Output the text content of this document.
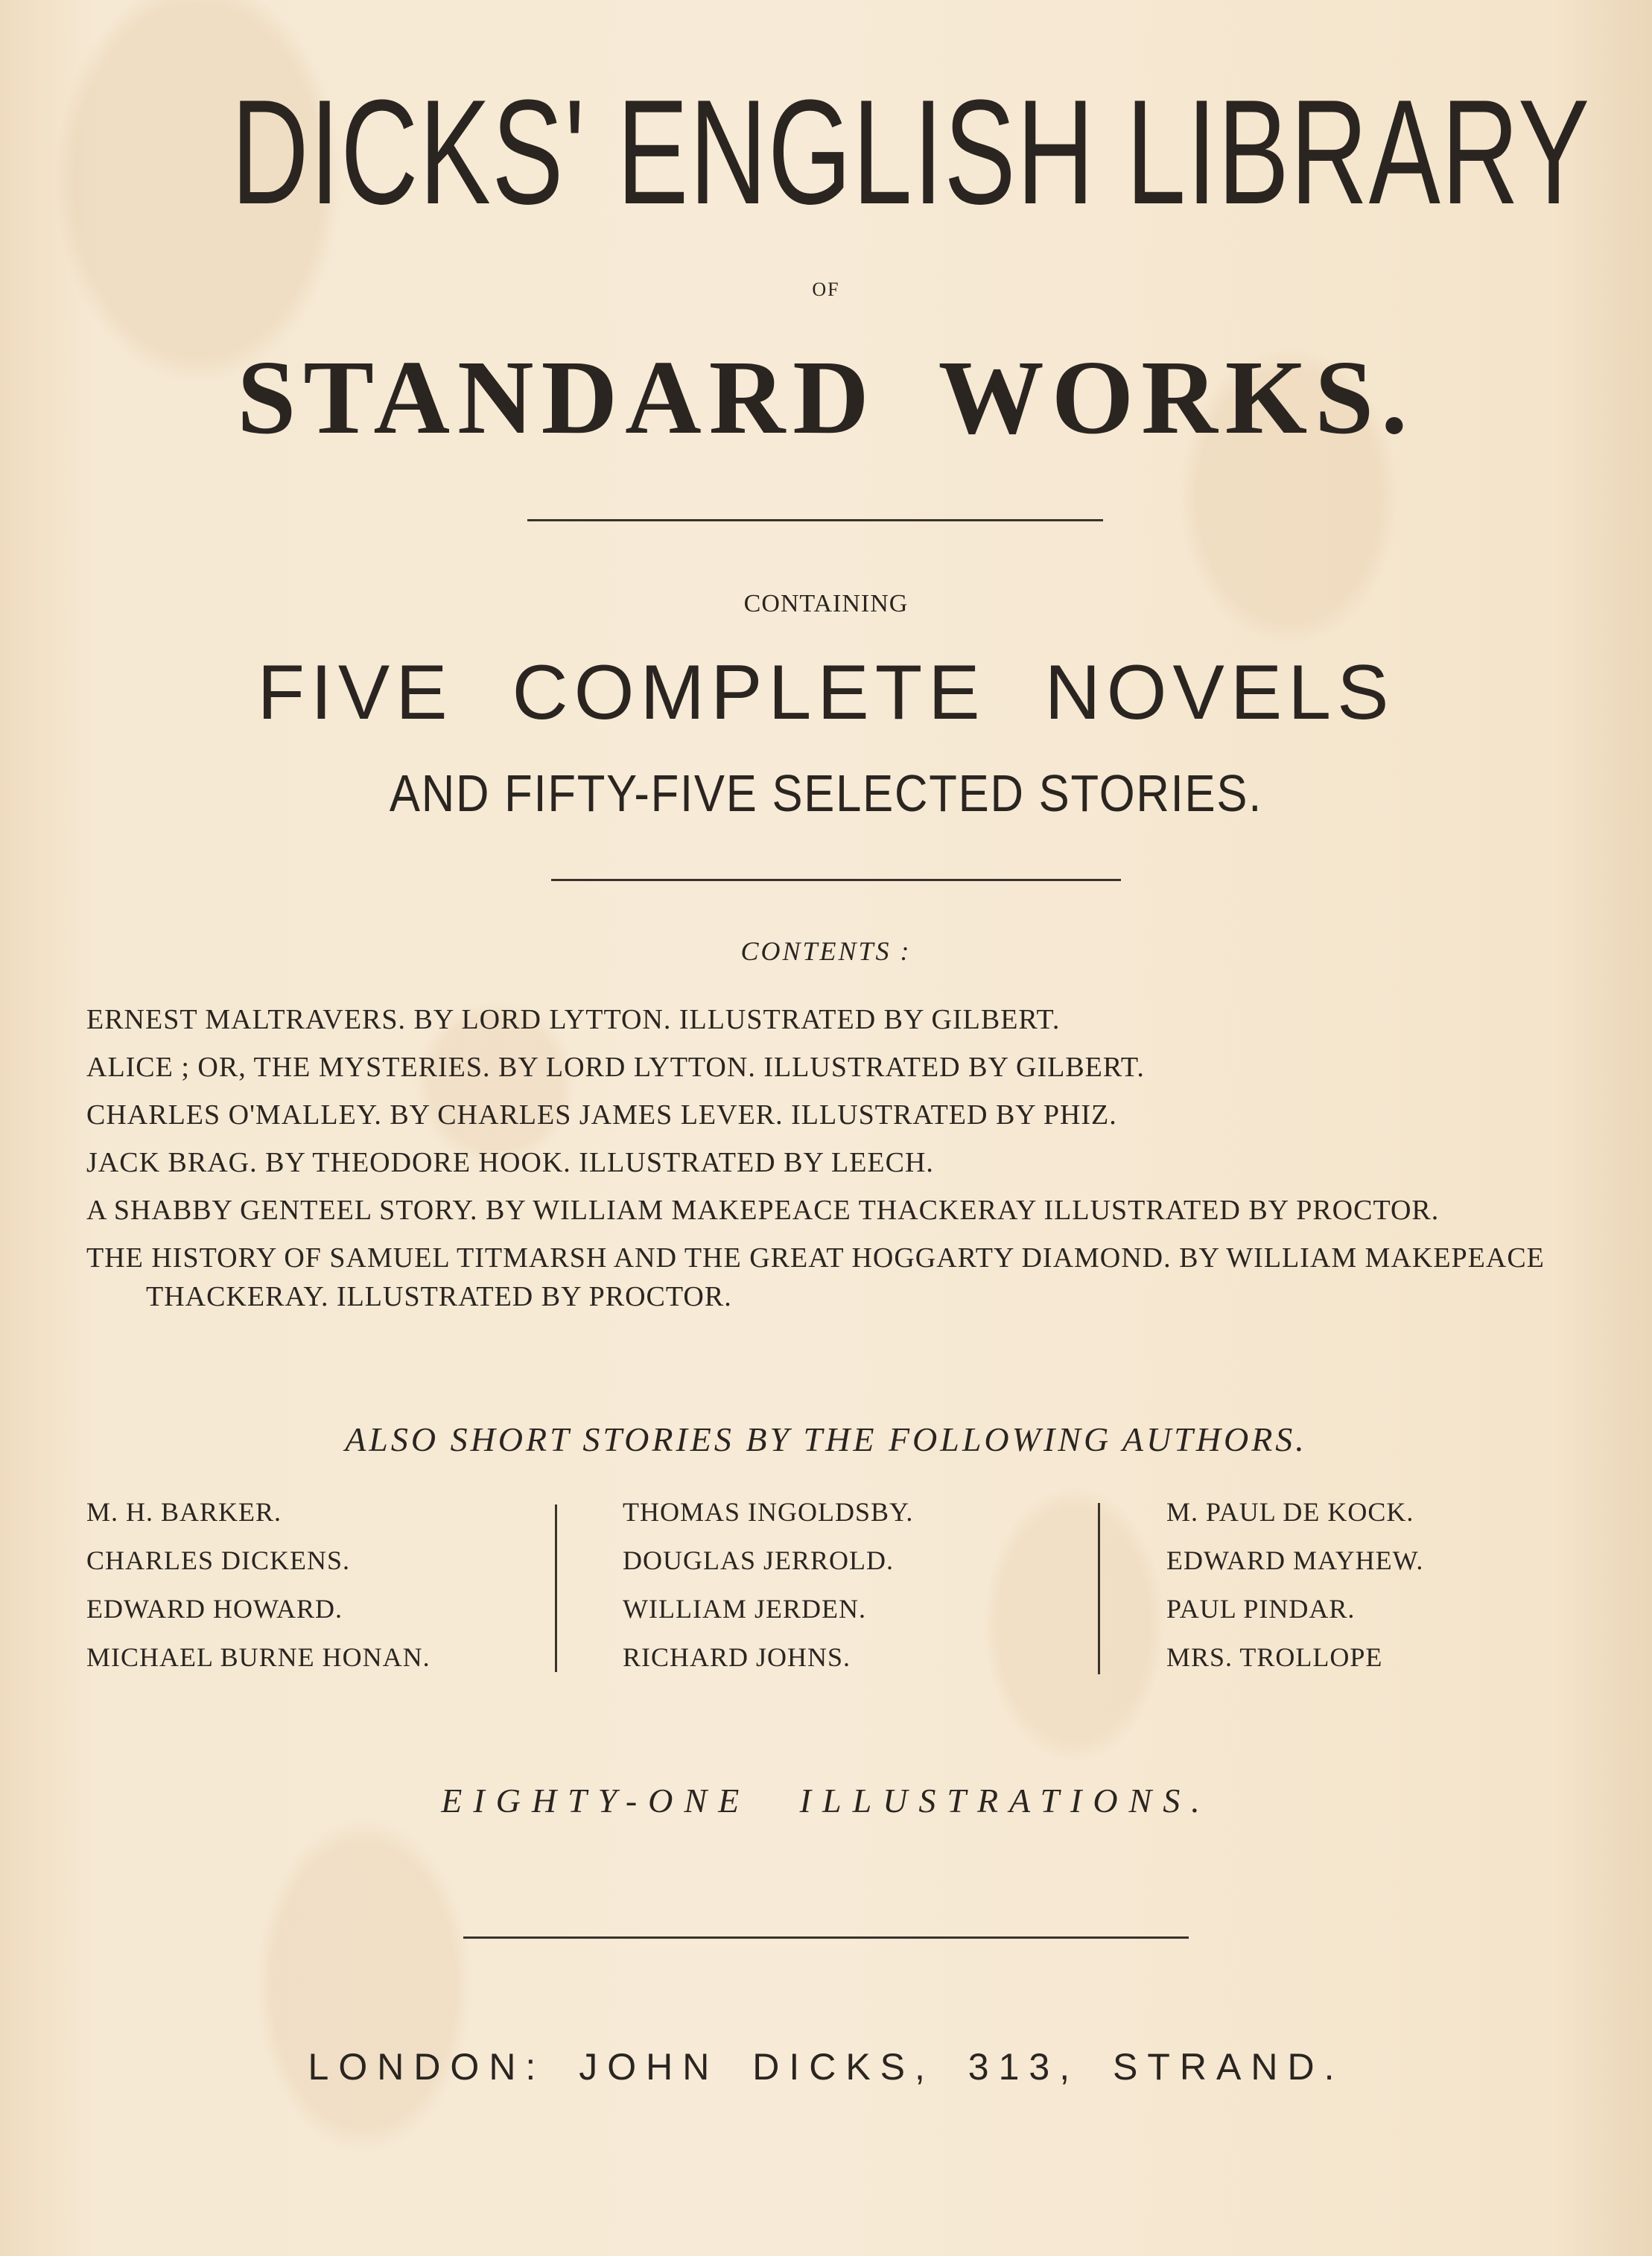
DICKS' ENGLISH LIBRARY
OF
STANDARD WORKS.
CONTAINING
FIVE COMPLETE NOVELS
AND FIFTY-FIVE SELECTED STORIES.
CONTENTS :
ERNEST MALTRAVERS. BY LORD LYTTON. ILLUSTRATED BY GILBERT.
ALICE ; OR, THE MYSTERIES. BY LORD LYTTON. ILLUSTRATED BY GILBERT.
CHARLES O'MALLEY. BY CHARLES JAMES LEVER. ILLUSTRATED BY PHIZ.
JACK BRAG. BY THEODORE HOOK. ILLUSTRATED BY LEECH.
A SHABBY GENTEEL STORY. BY WILLIAM MAKEPEACE THACKERAY ILLUSTRATED BY PROCTOR.
THE HISTORY OF SAMUEL TITMARSH AND THE GREAT HOGGARTY DIAMOND. BY WILLIAM MAKEPEACE THACKERAY. ILLUSTRATED BY PROCTOR.
ALSO SHORT STORIES BY THE FOLLOWING AUTHORS.
M. H. BARKER.
CHARLES DICKENS.
EDWARD HOWARD.
MICHAEL BURNE HONAN.
THOMAS INGOLDSBY.
DOUGLAS JERROLD.
WILLIAM JERDEN.
RICHARD JOHNS.
M. PAUL DE KOCK.
EDWARD MAYHEW.
PAUL PINDAR.
MRS. TROLLOPE
EIGHTY-ONE ILLUSTRATIONS.
LONDON: JOHN DICKS, 313, STRAND.
